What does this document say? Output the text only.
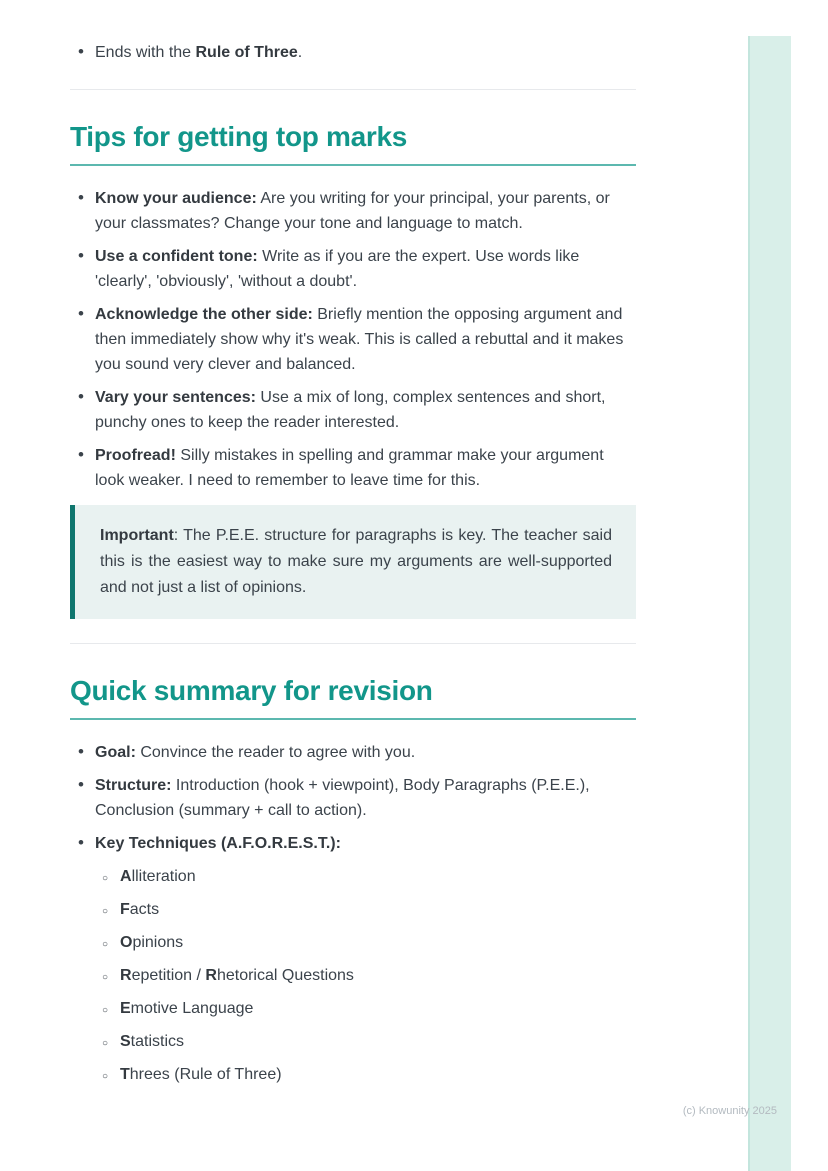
• Ends with the Rule of Three.
Tips for getting top marks
• Know your audience: Are you writing for your principal, your parents, or your classmates? Change your tone and language to match.
• Use a confident tone: Write as if you are the expert. Use words like 'clearly', 'obviously', 'without a doubt'.
• Acknowledge the other side: Briefly mention the opposing argument and then immediately show why it's weak. This is called a rebuttal and it makes you sound very clever and balanced.
• Vary your sentences: Use a mix of long, complex sentences and short, punchy ones to keep the reader interested.
• Proofread! Silly mistakes in spelling and grammar make your argument look weaker. I need to remember to leave time for this.
Important: The P.E.E. structure for paragraphs is key. The teacher said this is the easiest way to make sure my arguments are well-supported and not just a list of opinions.
Quick summary for revision
• Goal: Convince the reader to agree with you.
• Structure: Introduction (hook + viewpoint), Body Paragraphs (P.E.E.), Conclusion (summary + call to action).
• Key Techniques (A.F.O.R.E.S.T.):
○ Alliteration
○ Facts
○ Opinions
○ Repetition / Rhetorical Questions
○ Emotive Language
○ Statistics
○ Threes (Rule of Three)
(c) Knowunity 2025
